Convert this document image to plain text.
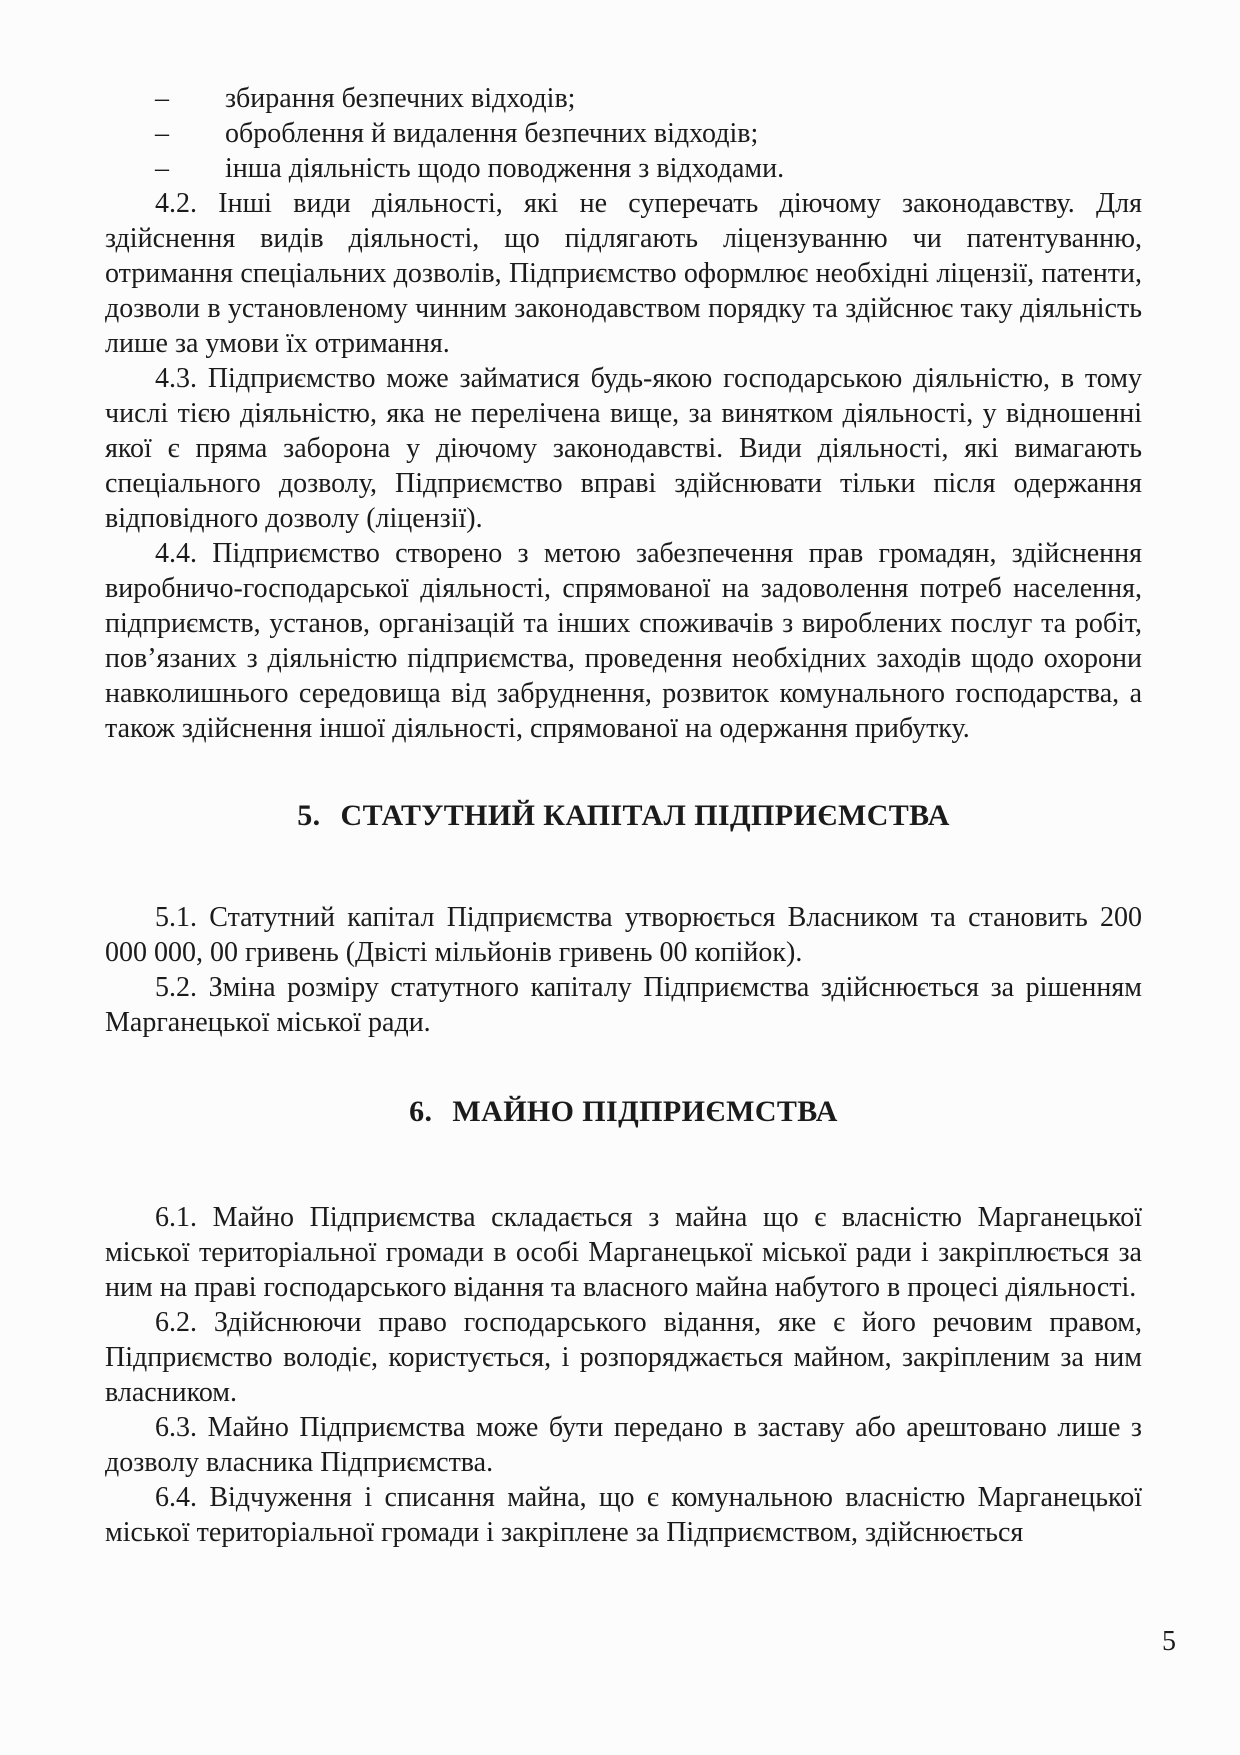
–	збирання безпечних відходів;
–	оброблення й видалення безпечних відходів;
–	інша діяльність щодо поводження з відходами.

4.2. Інші види діяльності, які не суперечать діючому законодавству. Для здійснення видів діяльності, що підлягають ліцензуванню чи патентуванню, отримання спеціальних дозволів, Підприємство оформлює необхідні ліцензії, патенти, дозволи в установленому чинним законодавством порядку та здійснює таку діяльність лише за умови їх отримання.

4.3. Підприємство може займатися будь-якою господарською діяльністю, в тому числі тією діяльністю, яка не перелічена вище, за винятком діяльності, у відношенні якої є пряма заборона у діючому законодавстві. Види діяльності, які вимагають спеціального дозволу, Підприємство вправі здійснювати тільки після одержання відповідного дозволу (ліцензії).

4.4. Підприємство створено з метою забезпечення прав громадян, здійснення виробничо-господарської діяльності, спрямованої на задоволення потреб населення, підприємств, установ, організацій та інших споживачів з вироблених послуг та робіт, пов’язаних з діяльністю підприємства, проведення необхідних заходів щодо охорони навколишнього середовища від забруднення, розвиток комунального господарства, а також здійснення іншої діяльності, спрямованої на одержання прибутку.

5. СТАТУТНИЙ КАПІТАЛ ПІДПРИЄМСТВА

5.1. Статутний капітал Підприємства утворюється Власником та становить 200 000 000, 00 гривень (Двісті мільйонів гривень 00 копійок).

5.2. Зміна розміру статутного капіталу Підприємства здійснюється за рішенням Марганецької міської ради.

6. МАЙНО ПІДПРИЄМСТВА

6.1. Майно Підприємства складається з майна що є власністю Марганецької міської територіальної громади в особі Марганецької міської ради і закріплюється за ним на праві господарського відання та власного майна набутого в процесі діяльності.

6.2. Здійснюючи право господарського відання, яке є його речовим правом, Підприємство володіє, користується, і розпоряджається майном, закріпленим за ним власником.

6.3. Майно Підприємства може бути передано в заставу або арештовано лише з дозволу власника Підприємства.

6.4. Відчуження і списання майна, що є комунальною власністю Марганецької міської територіальної громади і закріплене за Підприємством, здійснюється

5
